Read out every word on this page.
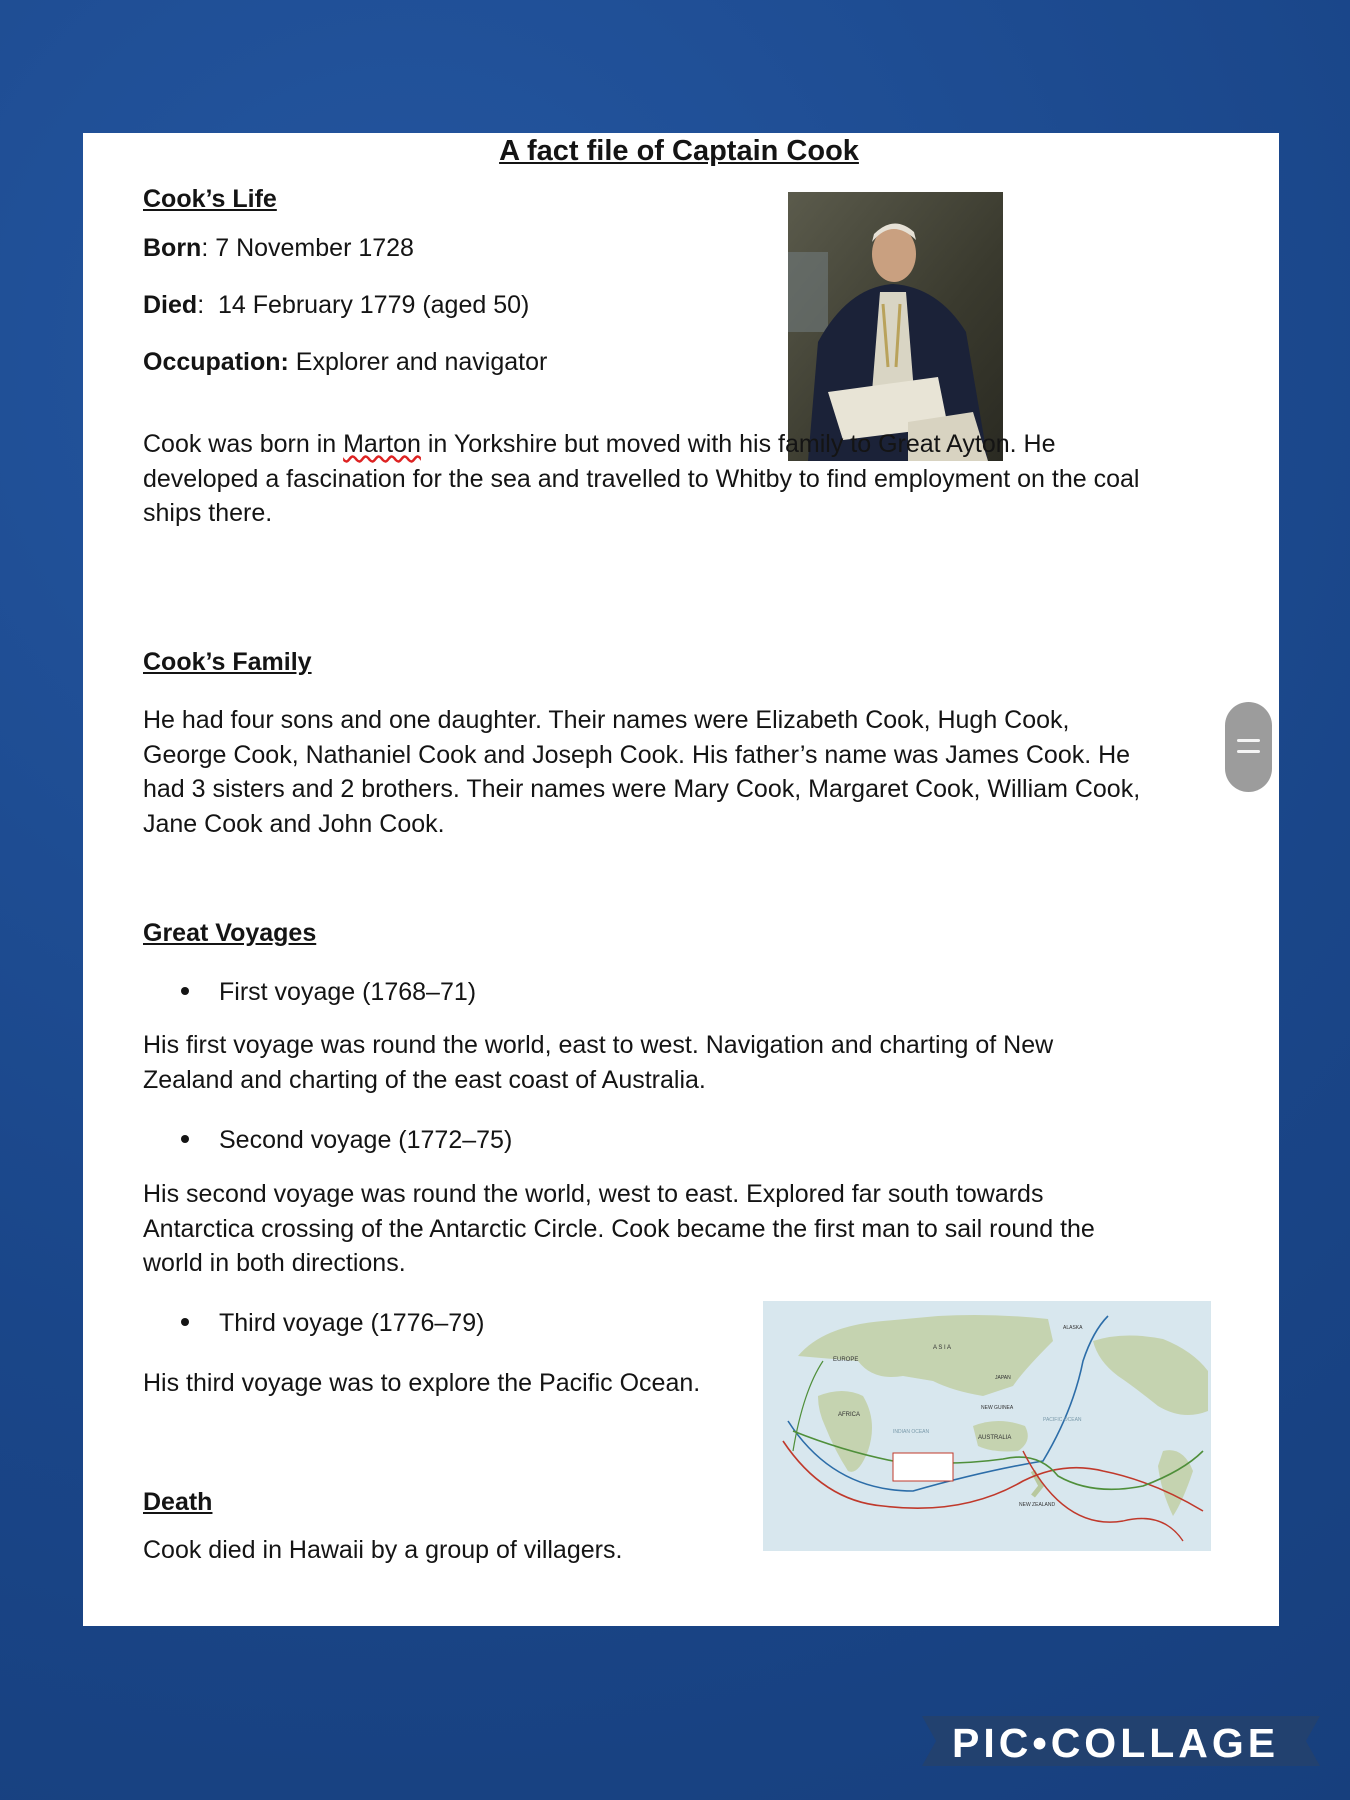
A fact file of Captain Cook
Cook’s Life

Born: 7 November 1728

Died:  14 February 1779 (aged 50)

Occupation: Explorer and navigator

Cook was born in Marton in Yorkshire but moved with his family to Great Ayton. He developed a fascination for the sea and travelled to Whitby to find employment on the coal ships there.

Cook’s Family

He had four sons and one daughter. Their names were Elizabeth Cook, Hugh Cook, George Cook, Nathaniel Cook and Joseph Cook. His father’s name was James Cook. He had 3 sisters and 2 brothers. Their names were Mary Cook, Margaret Cook, William Cook, Jane Cook and John Cook.

Great Voyages

First voyage (1768–71)

His first voyage was round the world, east to west. Navigation and charting of New Zealand and charting of the east coast of Australia.

Second voyage (1772–75)

His second voyage was round the world, west to east. Explored far south towards Antarctica crossing of the Antarctic Circle. Cook became the first man to sail round the world in both directions.

Third voyage (1776–79)

His third voyage was to explore the Pacific Ocean.

EUROPE
A S I A
AFRICA
AUSTRALIA
JAPAN
ALASKA
NEW GUINEA
NEW ZEALAND
INDIAN OCEAN
PACIFIC OCEAN
Death

Cook died in Hawaii by a group of villagers.

PIC•COLLAGE
